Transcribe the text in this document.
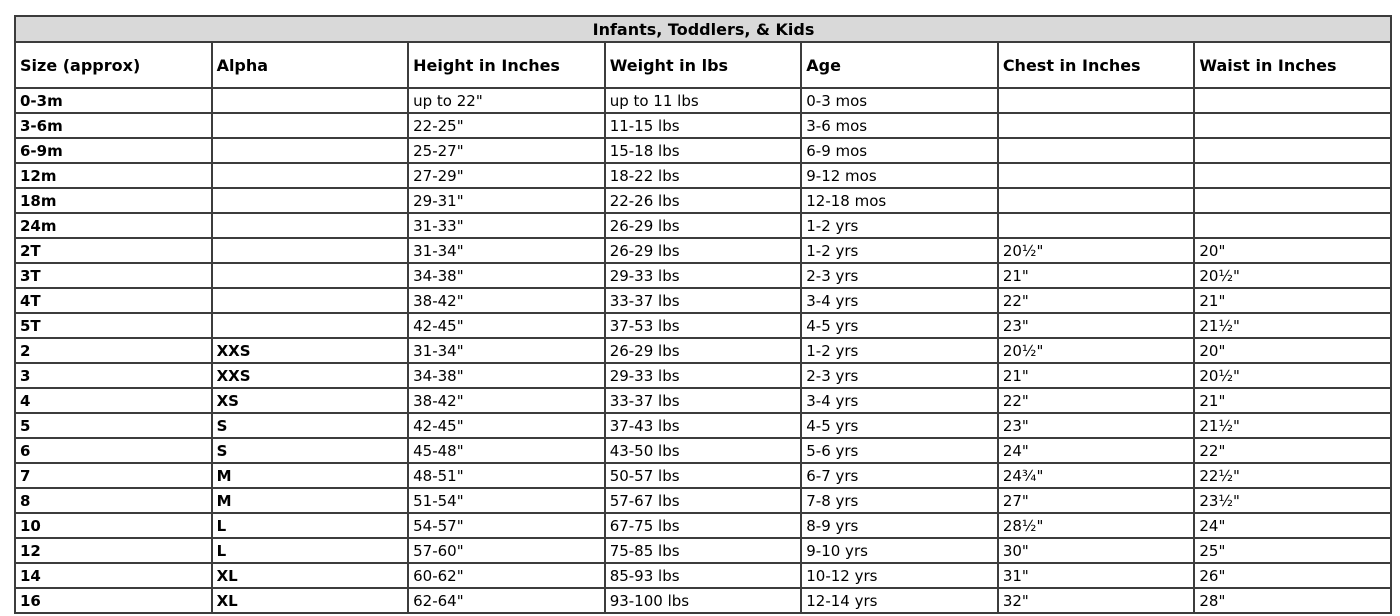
Infants, Toddlers, & Kids						
Size (approx)	Alpha	Height in Inches	Weight in lbs	Age	Chest in Inches	Waist in Inches
0-3m		up to 22"	up to 11 lbs	0-3 mos		
3-6m		22-25"	11-15 lbs	3-6 mos		
6-9m		25-27"	15-18 lbs	6-9 mos		
12m		27-29"	18-22 lbs	9-12 mos		
18m		29-31"	22-26 lbs	12-18 mos		
24m		31-33"	26-29 lbs	1-2 yrs		
2T		31-34"	26-29 lbs	1-2 yrs	20½"	20"
3T		34-38"	29-33 lbs	2-3 yrs	21"	20½"
4T		38-42"	33-37 lbs	3-4 yrs	22"	21"
5T		42-45"	37-53 lbs	4-5 yrs	23"	21½"
2	XXS	31-34"	26-29 lbs	1-2 yrs	20½"	20"
3	XXS	34-38"	29-33 lbs	2-3 yrs	21"	20½"
4	XS	38-42"	33-37 lbs	3-4 yrs	22"	21"
5	S	42-45"	37-43 lbs	4-5 yrs	23"	21½"
6	S	45-48"	43-50 lbs	5-6 yrs	24"	22"
7	M	48-51"	50-57 lbs	6-7 yrs	24¾"	22½"
8	M	51-54"	57-67 lbs	7-8 yrs	27"	23½"
10	L	54-57"	67-75 lbs	8-9 yrs	28½"	24"
12	L	57-60"	75-85 lbs	9-10 yrs	30"	25"
14	XL	60-62"	85-93 lbs	10-12 yrs	31"	26"
16	XL	62-64"	93-100 lbs	12-14 yrs	32"	28"
